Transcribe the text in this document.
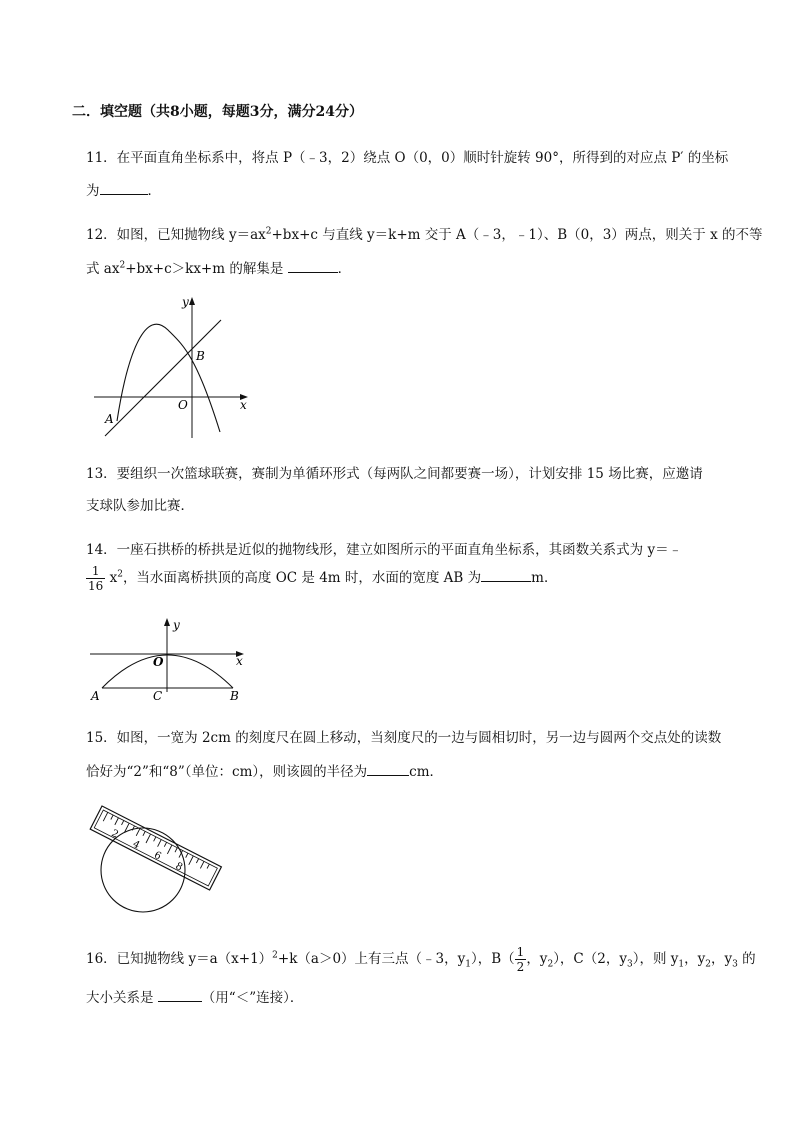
二．填空题（共8小题，每题3分，满分24分）
11．在平面直角坐标系中，将点 P（﹣3，2）绕点 O（0，0）顺时针旋转 90°，所得到的对应点 P′ 的坐标
为	．
12．如图，已知抛物线 $y=ax^2+bx+c$ 与直线 y＝k+m 交于 A（﹣3，﹣1）、B（0，3）两点，则关于 x 的不等
式 $ax^2+bx+c>kx+m$ 的解集是	．
y
x
O
A
B
13．要组织一次篮球联赛，赛制为单循环形式（每两队之间都要赛一场），计划安排 15 场比赛，应邀请
支球队参加比赛．
14．一座石拱桥的桥拱是近似的抛物线形，建立如图所示的平面直角坐标系，其函数关系式为 y＝﹣
$\frac{1}{16} x^2$，当水面离桥拱顶的高度 OC 是 4m 时，水面的宽度 AB 为	m．
y
x
O
A	C	B
15．如图，一宽为 2cm 的刻度尺在圆上移动，当刻度尺的一边与圆相切时，另一边与圆两个交点处的读数
恰好为“2”和“8”（单位：cm），则该圆的半径为	cm．
2
4
6
8
16．已知抛物线 $y=a(x+1)^2+k(a>0)$上有三点（﹣3，$y_1$），$B( \frac{1}{2}$ ，$y_2$），C（2，$y_3$），则 $y_1$，$y_2$，$y_3$ 的
大小关系是	（用“＜”连接）．
